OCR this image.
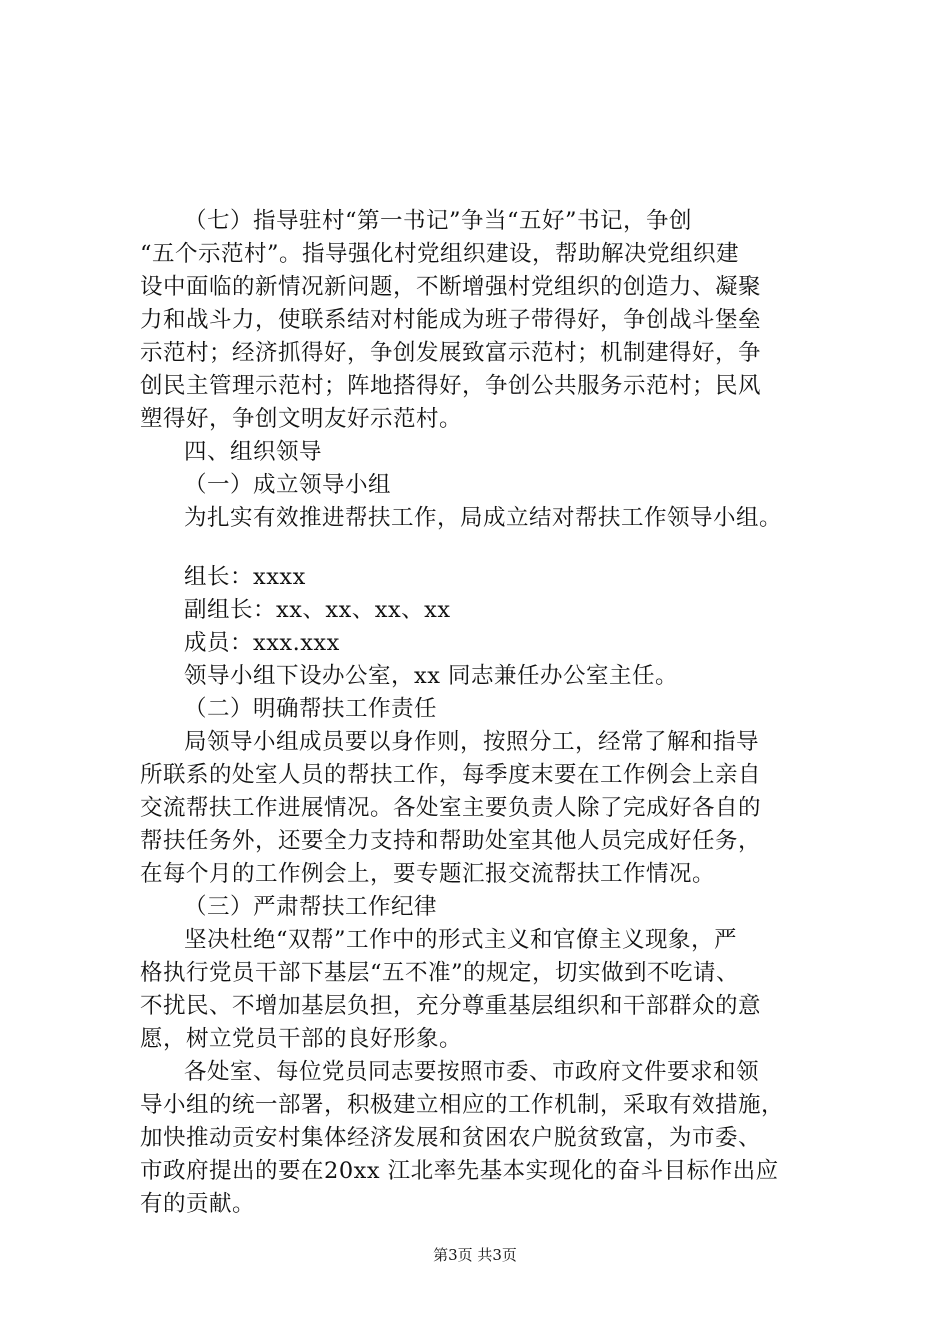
（七）指导驻村“第一书记”争当“五好”书记，争创
“五个示范村”。指导强化村党组织建设，帮助解决党组织建
设中面临的新情况新问题，不断增强村党组织的创造力、凝聚
力和战斗力，使联系结对村能成为班子带得好，争创战斗堡垒
示范村；经济抓得好，争创发展致富示范村；机制建得好，争
创民主管理示范村；阵地搭得好，争创公共服务示范村；民风
塑得好，争创文明友好示范村。
四、组织领导
（一）成立领导小组
为扎实有效推进帮扶工作，局成立结对帮扶工作领导小组。
组长：xxxx
副组长：xx、xx、xx、xx
成员：xxx.xxx
领导小组下设办公室，xx 同志兼任办公室主任。
（二）明确帮扶工作责任
局领导小组成员要以身作则，按照分工，经常了解和指导
所联系的处室人员的帮扶工作，每季度末要在工作例会上亲自
交流帮扶工作进展情况。各处室主要负责人除了完成好各自的
帮扶任务外，还要全力支持和帮助处室其他人员完成好任务，
在每个月的工作例会上，要专题汇报交流帮扶工作情况。
（三）严肃帮扶工作纪律
坚决杜绝“双帮”工作中的形式主义和官僚主义现象，严
格执行党员干部下基层“五不准”的规定，切实做到不吃请、
不扰民、不增加基层负担，充分尊重基层组织和干部群众的意
愿，树立党员干部的良好形象。
各处室、每位党员同志要按照市委、市政府文件要求和领
导小组的统一部署，积极建立相应的工作机制，采取有效措施，
加快推动贡安村集体经济发展和贫困农户脱贫致富，为市委、
市政府提出的要在20xx 江北率先基本实现化的奋斗目标作出应
有的贡献。
第3页 共3页
